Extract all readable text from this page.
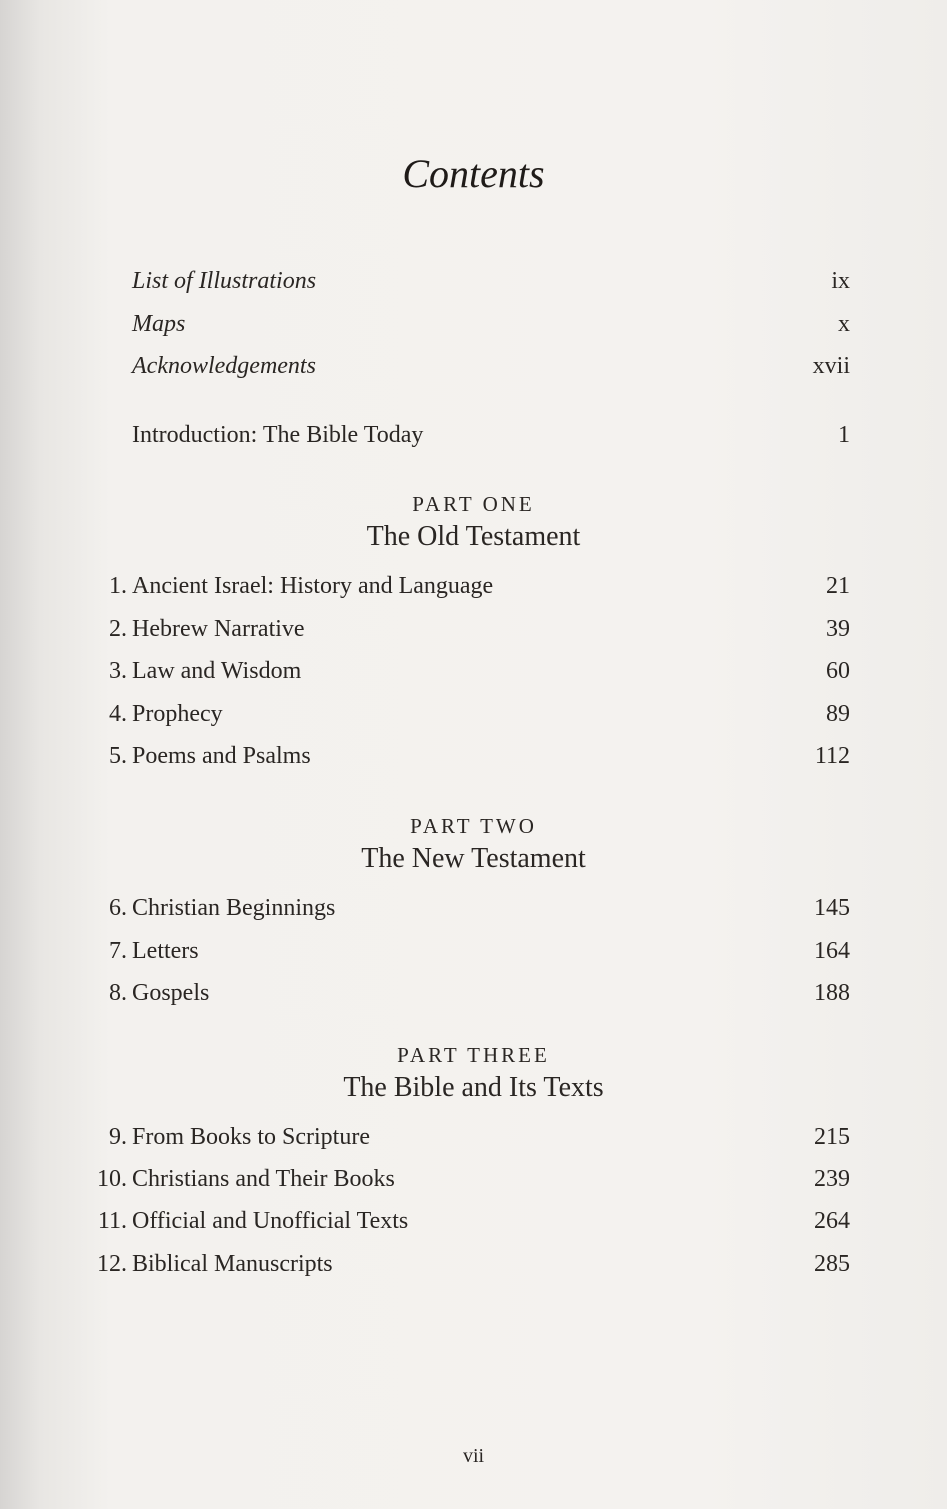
Contents
List of Illustrations	ix
Maps	x
Acknowledgements	xvii
Introduction: The Bible Today	1
PART ONE
The Old Testament
1. Ancient Israel: History and Language	21
2. Hebrew Narrative	39
3. Law and Wisdom	60
4. Prophecy	89
5. Poems and Psalms	112
PART TWO
The New Testament
6. Christian Beginnings	145
7. Letters	164
8. Gospels	188
PART THREE
The Bible and Its Texts
9. From Books to Scripture	215
10. Christians and Their Books	239
11. Official and Unofficial Texts	264
12. Biblical Manuscripts	285
vii
